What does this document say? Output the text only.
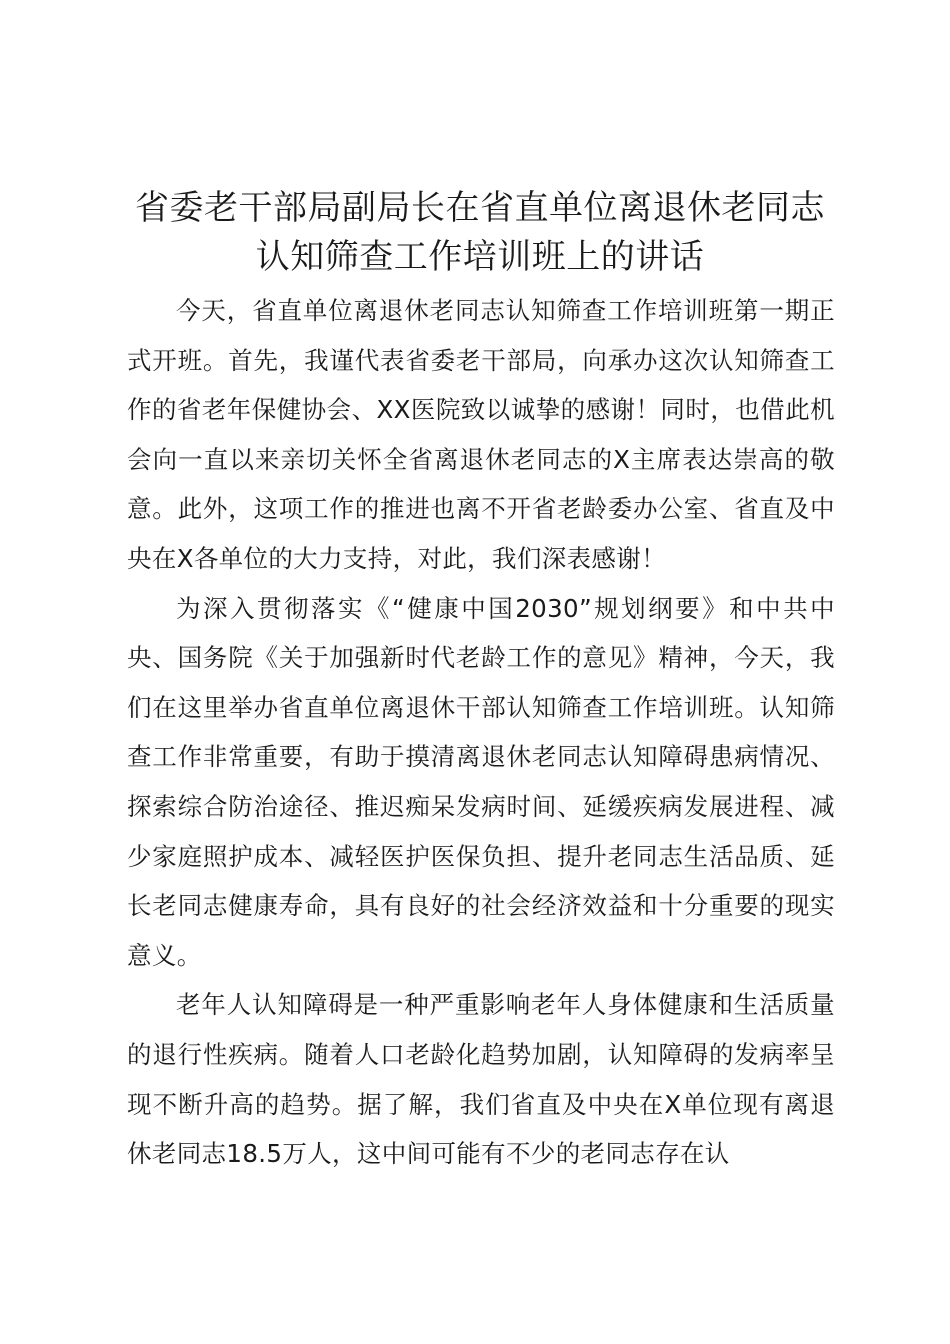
省委老干部局副局长在省直单位离退休老同志
认知筛查工作培训班上的讲话

今天，省直单位离退休老同志认知筛查工作培训班第一期正式开班。首先，我谨代表省委老干部局，向承办这次认知筛查工作的省老年保健协会、XX医院致以诚挚的感谢！同时，也借此机会向一直以来亲切关怀全省离退休老同志的X主席表达崇高的敬意。此外，这项工作的推进也离不开省老龄委办公室、省直及中央在X各单位的大力支持，对此，我们深表感谢！

为深入贯彻落实《“健康中国2030”规划纲要》和中共中央、国务院《关于加强新时代老龄工作的意见》精神，今天，我们在这里举办省直单位离退休干部认知筛查工作培训班。认知筛查工作非常重要，有助于摸清离退休老同志认知障碍患病情况、探索综合防治途径、推迟痴呆发病时间、延缓疾病发展进程、减少家庭照护成本、减轻医护医保负担、提升老同志生活品质、延长老同志健康寿命，具有良好的社会经济效益和十分重要的现实意义。

老年人认知障碍是一种严重影响老年人身体健康和生活质量的退行性疾病。随着人口老龄化趋势加剧，认知障碍的发病率呈现不断升高的趋势。据了解，我们省直及中央在X单位现有离退休老同志18.5万人，这中间可能有不少的老同志存在认
